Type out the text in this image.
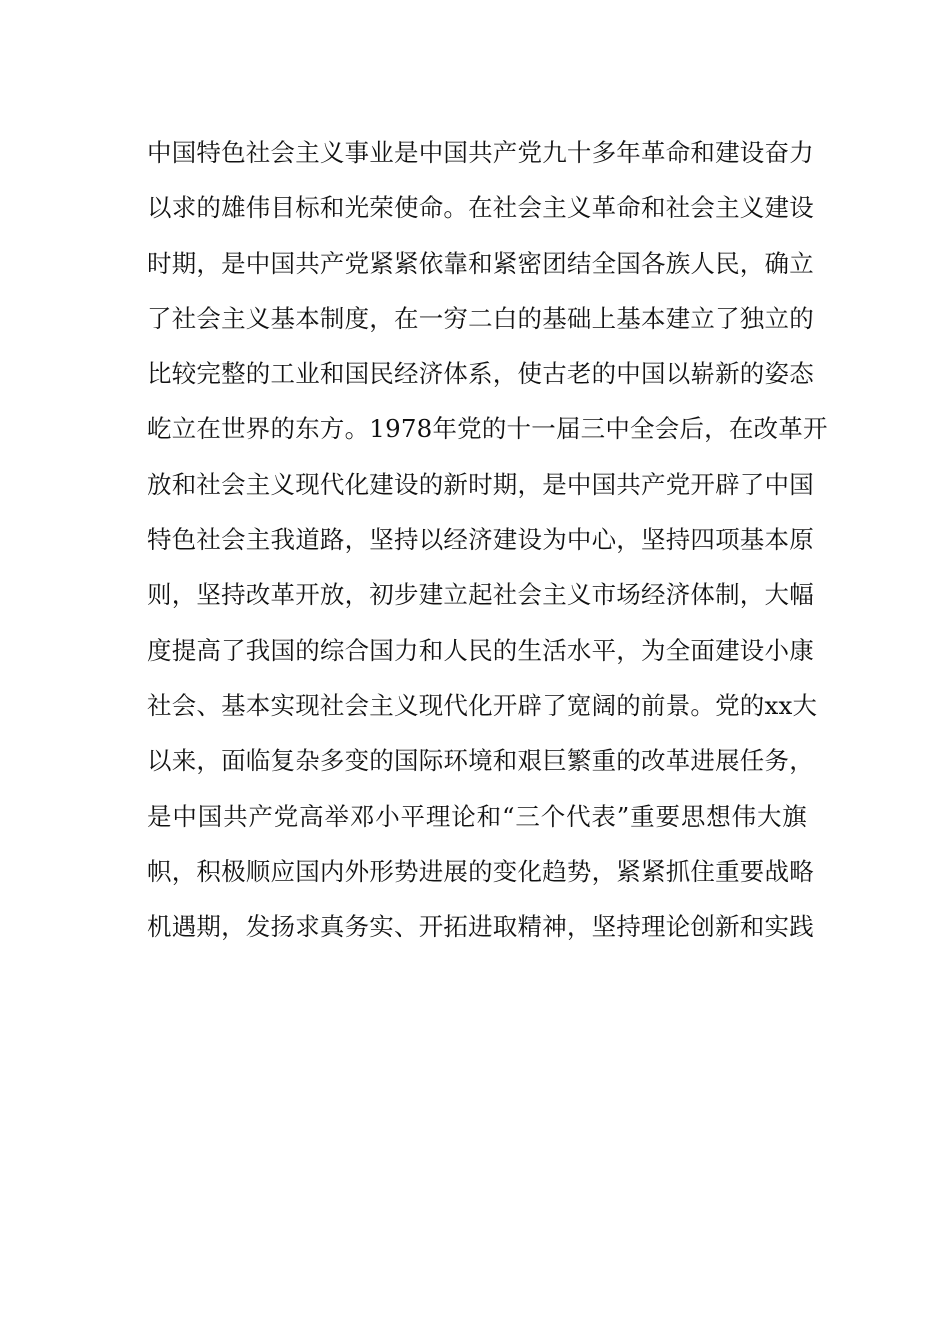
中国特色社会主义事业是中国共产党九十多年革命和建设奋力
以求的雄伟目标和光荣使命。在社会主义革命和社会主义建设
时期，是中国共产党紧紧依靠和紧密团结全国各族人民，确立
了社会主义基本制度，在一穷二白的基础上基本建立了独立的
比较完整的工业和国民经济体系，使古老的中国以崭新的姿态
屹立在世界的东方。1978年党的十一届三中全会后，在改革开
放和社会主义现代化建设的新时期，是中国共产党开辟了中国
特色社会主我道路，坚持以经济建设为中心，坚持四项基本原
则，坚持改革开放，初步建立起社会主义市场经济体制，大幅
度提高了我国的综合国力和人民的生活水平，为全面建设小康
社会、基本实现社会主义现代化开辟了宽阔的前景。党的xx大
以来，面临复杂多变的国际环境和艰巨繁重的改革进展任务，
是中国共产党高举邓小平理论和“三个代表”重要思想伟大旗
帜，积极顺应国内外形势进展的变化趋势，紧紧抓住重要战略
机遇期，发扬求真务实、开拓进取精神，坚持理论创新和实践
